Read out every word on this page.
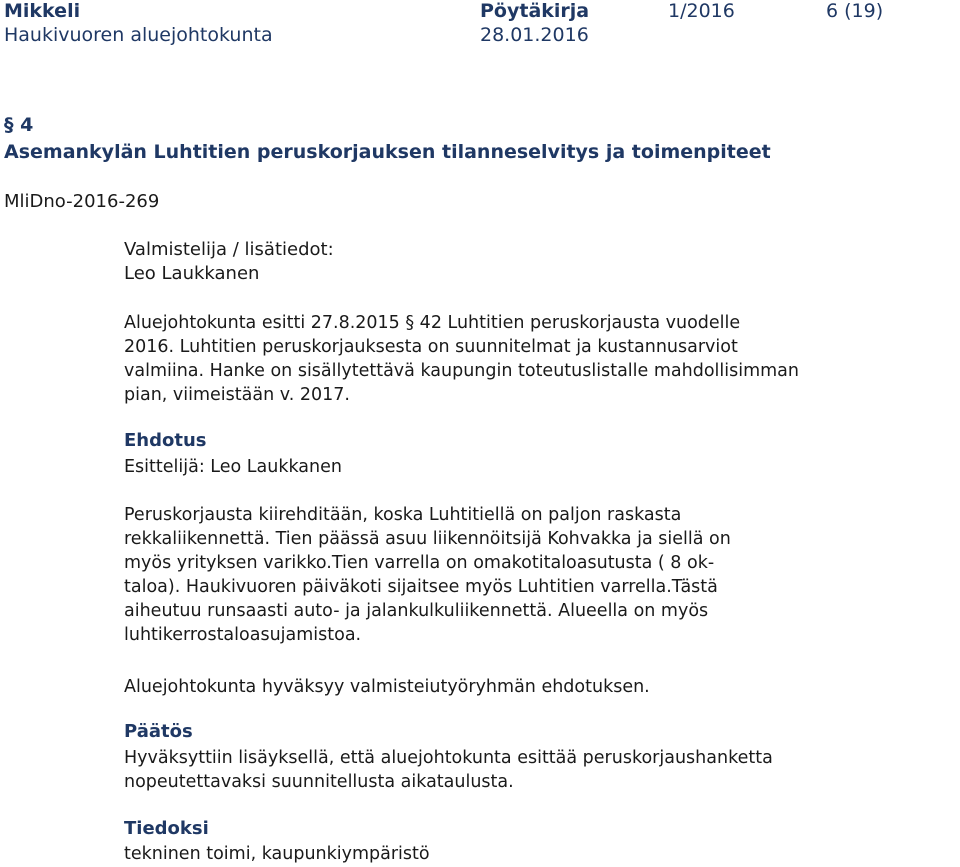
Mikkeli
Haukivuoren aluejohtokunta
Pöytäkirja
28.01.2016
1/2016	6 (19)
§ 4
Asemankylän Luhtitien peruskorjauksen tilanneselvitys ja toimenpiteet
MliDno-2016-269
Valmistelija / lisätiedot:
Leo Laukkanen
Aluejohtokunta esitti 27.8.2015 § 42 Luhtitien peruskorjausta vuodelle
2016. Luhtitien peruskorjauksesta on suunnitelmat ja kustannusarviot
valmiina. Hanke on sisällytettävä kaupungin toteutuslistalle mahdollisimman
pian, viimeistään v. 2017.
Ehdotus
Esittelijä: Leo Laukkanen
Peruskorjausta kiirehditään, koska Luhtitiellä on paljon raskasta
rekkaliikennettä. Tien päässä asuu liikennöitsijä Kohvakka ja siellä on
myös yrityksen varikko.Tien varrella on omakotitaloasutusta ( 8 ok-
taloa). Haukivuoren päiväkoti sijaitsee myös Luhtitien varrella.Tästä
aiheutuu runsaasti auto- ja jalankulkuliikennettä. Alueella on myös
luhtikerrostaloasujamistoa.
Aluejohtokunta hyväksyy valmisteiutyöryhmän ehdotuksen.
Päätös
Hyväksyttiin lisäyksellä, että aluejohtokunta esittää peruskorjaushanketta
nopeutettavaksi suunnitellusta aikataulusta.
Tiedoksi
tekninen toimi, kaupunkiympäristö
